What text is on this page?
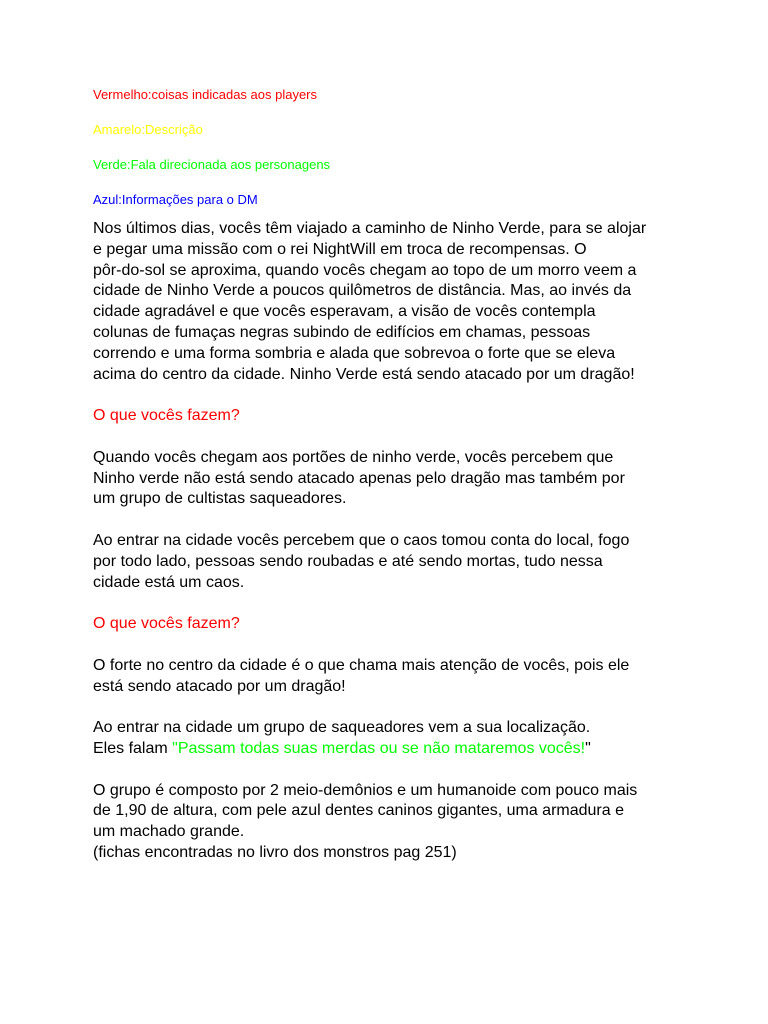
Vermelho:coisas indicadas aos players

Amarelo:Descrição

Verde:Fala direcionada aos personagens

Azul:Informações para o DM

Nos últimos dias, vocês têm viajado a caminho de Ninho Verde, para se alojar
e pegar uma missão com o rei NightWill em troca de recompensas. O
pôr-do-sol se aproxima, quando vocês chegam ao topo de um morro veem a
cidade de Ninho Verde a poucos quilômetros de distância. Mas, ao invés da
cidade agradável e que vocês esperavam, a visão de vocês contempla
colunas de fumaças negras subindo de edifícios em chamas, pessoas
correndo e uma forma sombria e alada que sobrevoa o forte que se eleva
acima do centro da cidade. Ninho Verde está sendo atacado por um dragão!

O que vocês fazem?

Quando vocês chegam aos portões de ninho verde, vocês percebem que
Ninho verde não está sendo atacado apenas pelo dragão mas também por
um grupo de cultistas saqueadores.

Ao entrar na cidade vocês percebem que o caos tomou conta do local, fogo
por todo lado, pessoas sendo roubadas e até sendo mortas, tudo nessa
cidade está um caos.

O que vocês fazem?

O forte no centro da cidade é o que chama mais atenção de vocês, pois ele
está sendo atacado por um dragão!

Ao entrar na cidade um grupo de saqueadores vem a sua localização.
Eles falam "Passam todas suas merdas ou se não mataremos vocês!"

O grupo é composto por 2 meio-demônios e um humanoide com pouco mais
de 1,90 de altura, com pele azul dentes caninos gigantes, uma armadura e
um machado grande.
(fichas encontradas no livro dos monstros pag 251)
